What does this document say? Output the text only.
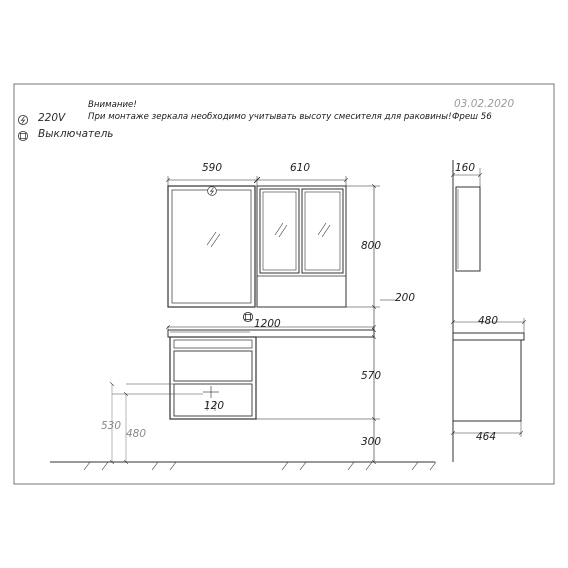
Внимание!

При монтаже зеркала необходимо учитывать высоту смесителя для раковины! Фреш 56

03.02.2020

220V

Выключатель

590	610

800

200

1200

570

120

530

480

300

160

480

464
